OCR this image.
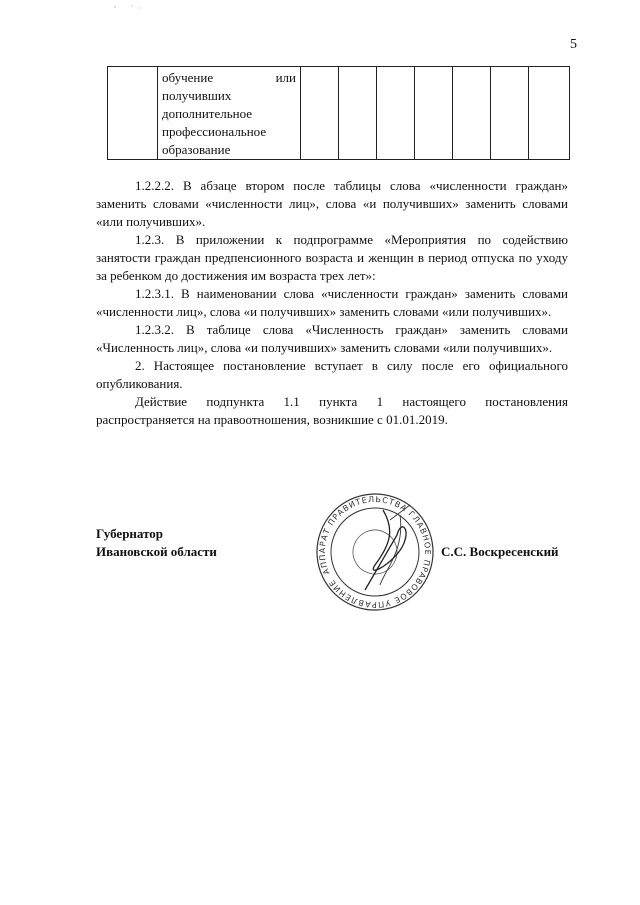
5

обучение	или
получивших
дополнительное
профессиональное
образование

1.2.2.2. В абзаце втором после таблицы слова «численности граждан» заменить словами «численности лиц», слова «и получивших» заменить словами «или получивших».

1.2.3. В приложении к подпрограмме «Мероприятия по содействию занятости граждан предпенсионного возраста и женщин в период отпуска по уходу за ребенком до достижения им возраста трех лет»:

1.2.3.1. В наименовании слова «численности граждан» заменить словами «численности лиц», слова «и получивших» заменить словами «или получивших».

1.2.3.2. В таблице слова «Численность граждан» заменить словами «Численность лиц», слова «и получивших» заменить словами «или получивших».

2. Настоящее постановление вступает в силу после его официального опубликования.

Действие подпункта 1.1 пункта 1 настоящего постановления распространяется на правоотношения, возникшие с 01.01.2019.

Губернатор
Ивановской области
АППАРАТ ПРАВИТЕЛЬСТВА ГЛАВНОЕ ПРАВОВОЕ УПРАВЛЕНИЕ
С.С. Воскресенский
